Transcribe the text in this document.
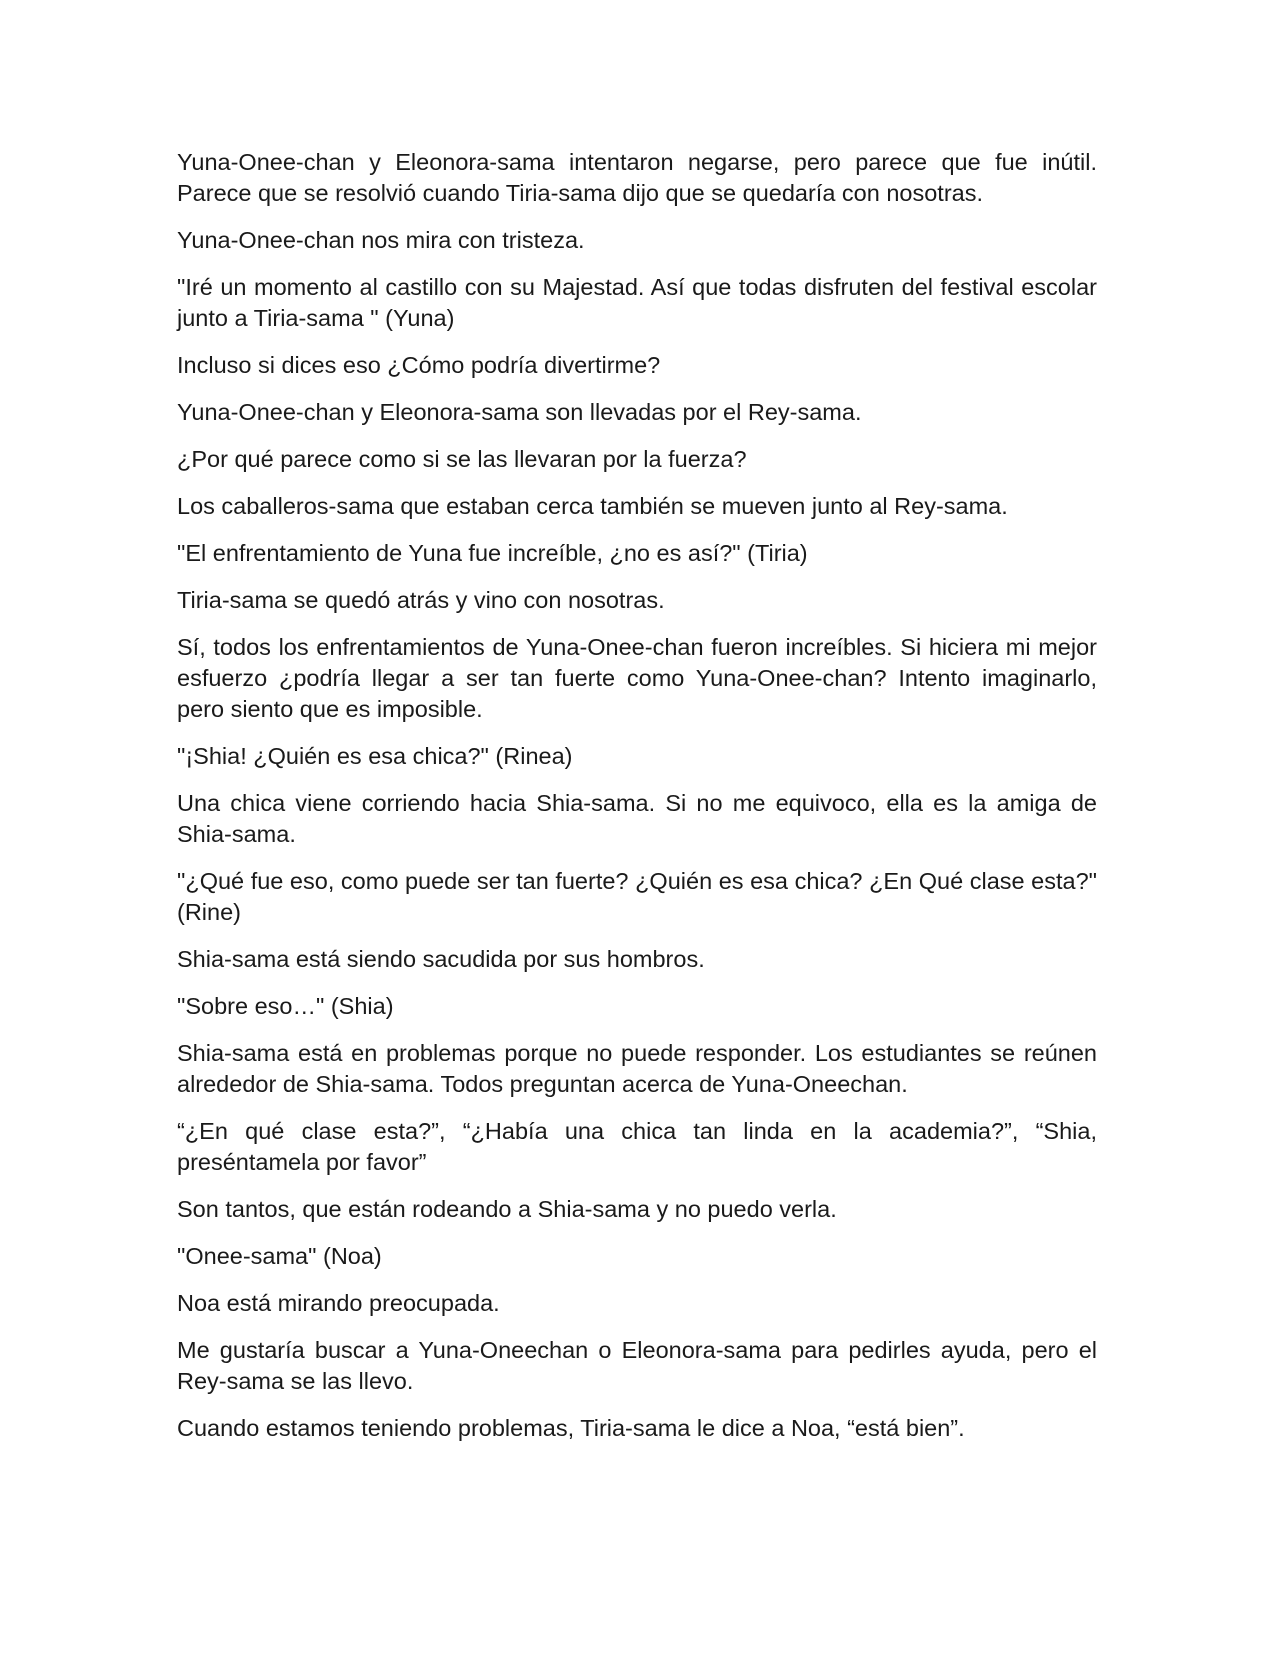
Yuna-Onee-chan y Eleonora-sama intentaron negarse, pero parece que fue inútil. Parece que se resolvió cuando Tiria-sama dijo que se quedaría con nosotras.

Yuna-Onee-chan nos mira con tristeza.

"Iré un momento al castillo con su Majestad. Así que todas disfruten del festival escolar junto a Tiria-sama " (Yuna)

Incluso si dices eso ¿Cómo podría divertirme?

Yuna-Onee-chan y Eleonora-sama son llevadas por el Rey-sama.

¿Por qué parece como si se las llevaran por la fuerza?

Los caballeros-sama que estaban cerca también se mueven junto al Rey-sama.

"El enfrentamiento de Yuna fue increíble, ¿no es así?" (Tiria)

Tiria-sama se quedó atrás y vino con nosotras.

Sí, todos los enfrentamientos de Yuna-Onee-chan fueron increíbles. Si hiciera mi mejor esfuerzo ¿podría llegar a ser tan fuerte como Yuna-Onee-chan? Intento imaginarlo, pero siento que es imposible.

"¡Shia! ¿Quién es esa chica?" (Rinea)

Una chica viene corriendo hacia Shia-sama. Si no me equivoco, ella es la amiga de Shia-sama.

"¿Qué fue eso, como puede ser tan fuerte? ¿Quién es esa chica? ¿En Qué clase esta?" (Rine)

Shia-sama está siendo sacudida por sus hombros.

"Sobre eso…" (Shia)

Shia-sama está en problemas porque no puede responder. Los estudiantes se reúnen alrededor de Shia-sama. Todos preguntan acerca de Yuna-Oneechan.

“¿En qué clase esta?”, “¿Había una chica tan linda en la academia?”, “Shia, preséntamela por favor”

Son tantos, que están rodeando a Shia-sama y no puedo verla.

"Onee-sama" (Noa)

Noa está mirando preocupada.

Me gustaría buscar a Yuna-Oneechan o Eleonora-sama para pedirles ayuda, pero el Rey-sama se las llevo.

Cuando estamos teniendo problemas, Tiria-sama le dice a Noa, “está bien”.
